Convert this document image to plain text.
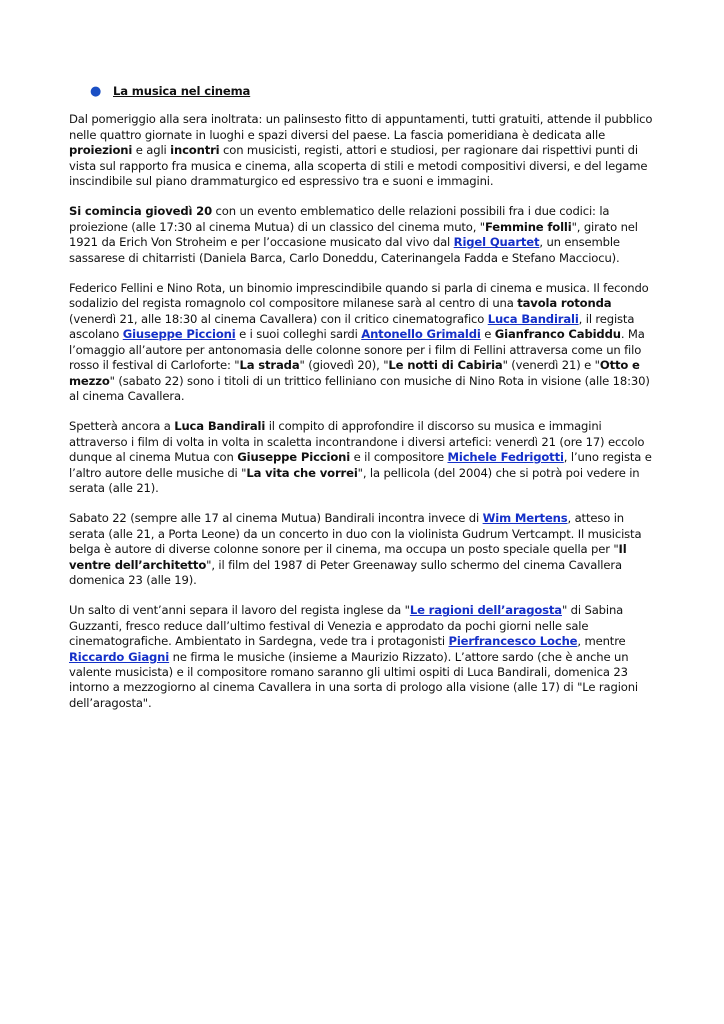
● La musica nel cinema

Dal pomeriggio alla sera inoltrata: un palinsesto fitto di appuntamenti, tutti gratuiti, attende il pubblico nelle quattro giornate in luoghi e spazi diversi del paese. La fascia pomeridiana è dedicata alle proiezioni e agli incontri con musicisti, registi, attori e studiosi, per ragionare dai rispettivi punti di vista sul rapporto fra musica e cinema, alla scoperta di stili e metodi compositivi diversi, e del legame inscindibile sul piano drammaturgico ed espressivo tra e suoni e immagini.

Si comincia giovedì 20 con un evento emblematico delle relazioni possibili fra i due codici: la proiezione (alle 17:30 al cinema Mutua) di un classico del cinema muto, "Femmine folli", girato nel 1921 da Erich Von Stroheim e per l’occasione musicato dal vivo dal Rigel Quartet, un ensemble sassarese di chitarristi (Daniela Barca, Carlo Doneddu, Caterinangela Fadda e Stefano Macciocu).

Federico Fellini e Nino Rota, un binomio imprescindibile quando si parla di cinema e musica. Il fecondo sodalizio del regista romagnolo col compositore milanese sarà al centro di una tavola rotonda (venerdì 21, alle 18:30 al cinema Cavallera) con il critico cinematografico Luca Bandirali, il regista ascolano Giuseppe Piccioni e i suoi colleghi sardi Antonello Grimaldi e Gianfranco Cabiddu. Ma l’omaggio all’autore per antonomasia delle colonne sonore per i film di Fellini attraversa come un filo rosso il festival di Carloforte: "La strada" (giovedì 20), "Le notti di Cabiria" (venerdì 21) e "Otto e mezzo" (sabato 22) sono i titoli di un trittico felliniano con musiche di Nino Rota in visione (alle 18:30) al cinema Cavallera.

Spetterà ancora a Luca Bandirali il compito di approfondire il discorso su musica e immagini attraverso i film di volta in volta in scaletta incontrandone i diversi artefici: venerdì 21 (ore 17) eccolo dunque al cinema Mutua con Giuseppe Piccioni e il compositore Michele Fedrigotti, l’uno regista e l’altro autore delle musiche di "La vita che vorrei", la pellicola (del 2004) che si potrà poi vedere in serata (alle 21).

Sabato 22 (sempre alle 17 al cinema Mutua) Bandirali incontra invece di Wim Mertens, atteso in serata (alle 21, a Porta Leone) da un concerto in duo con la violinista Gudrum Vertcampt. Il musicista belga è autore di diverse colonne sonore per il cinema, ma occupa un posto speciale quella per "Il ventre dell’architetto", il film del 1987 di Peter Greenaway sullo schermo del cinema Cavallera domenica 23 (alle 19).

Un salto di vent’anni separa il lavoro del regista inglese da "Le ragioni dell’aragosta" di Sabina Guzzanti, fresco reduce dall’ultimo festival di Venezia e approdato da pochi giorni nelle sale cinematografiche. Ambientato in Sardegna, vede tra i protagonisti Pierfrancesco Loche, mentre Riccardo Giagni ne firma le musiche (insieme a Maurizio Rizzato). L’attore sardo (che è anche un valente musicista) e il compositore romano saranno gli ultimi ospiti di Luca Bandirali, domenica 23 intorno a mezzogiorno al cinema Cavallera in una sorta di prologo alla visione (alle 17) di "Le ragioni dell’aragosta".
